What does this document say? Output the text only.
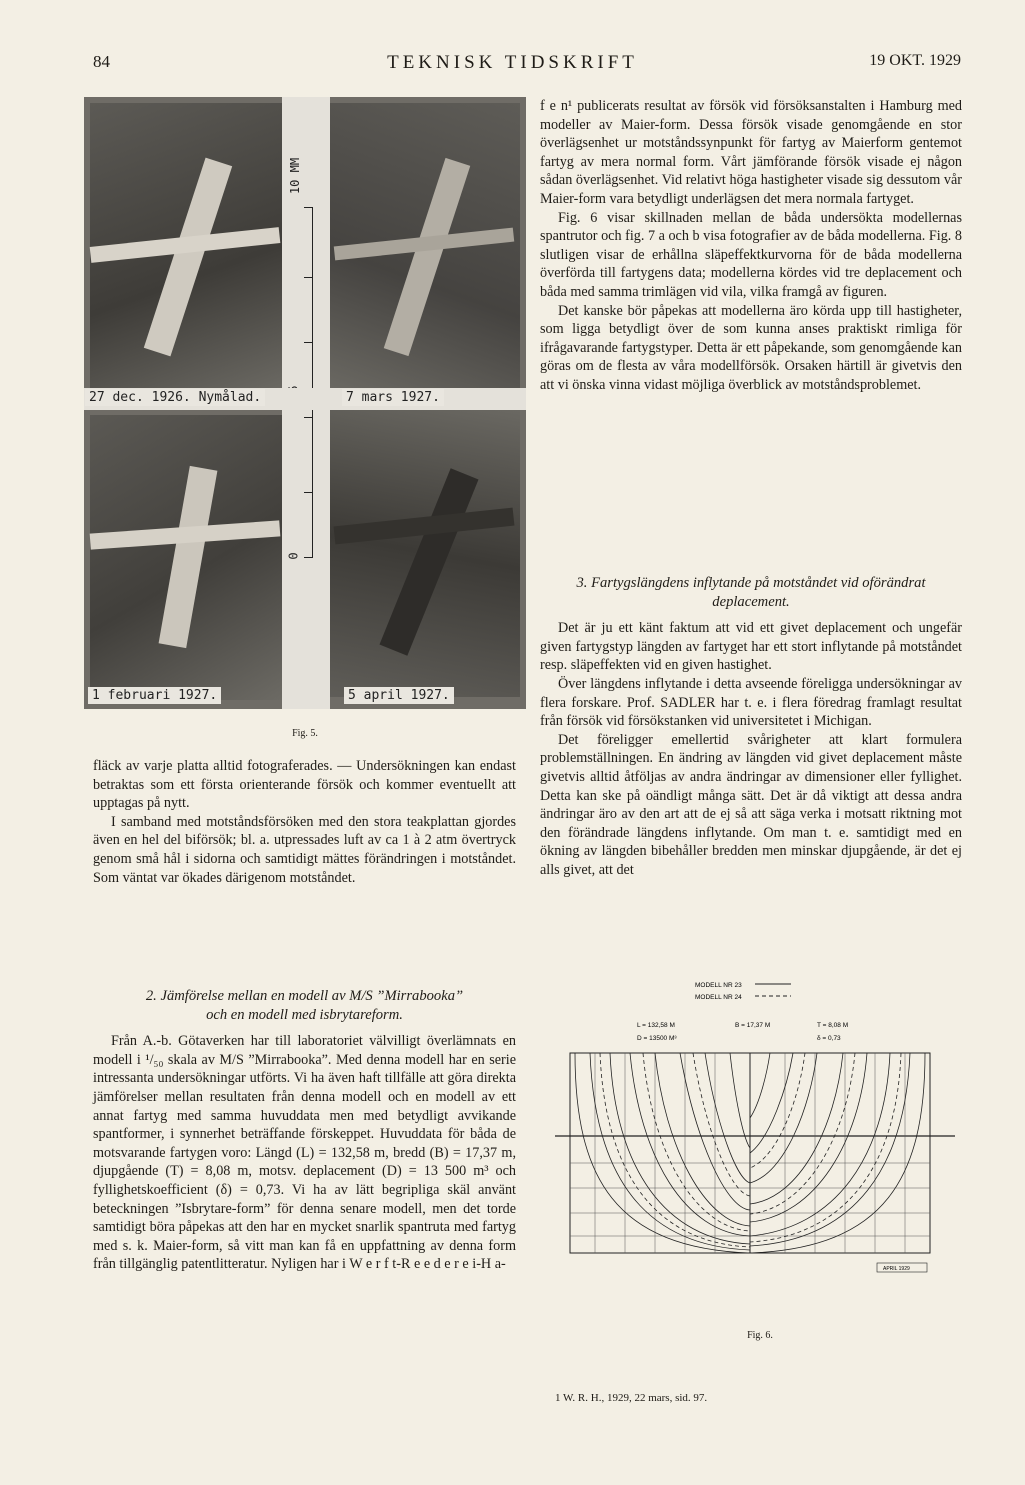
84	TEKNISK TIDSKRIFT	19 OKT. 1929
10 MM
0
27 dec. 1926. Nymålad.	7 mars 1927.
1 februari 1927.	5 april 1927.
Fig. 5.

f e n¹ publicerats resultat av försök vid försöksanstalten i Hamburg med modeller av Maier-form. Dessa försök visade genomgående en stor överlägsenhet ur motståndssynpunkt för fartyg av Maierform gentemot fartyg av mera normal form. Vårt jämförande försök visade ej någon sådan överlägsenhet. Vid relativt höga hastigheter visade sig dessutom vår Maier-form vara betydligt underlägsen det mera normala fartyget.

Fig. 6 visar skillnaden mellan de båda undersökta modellernas spantrutor och fig. 7 a och b visa fotografier av de båda modellerna. Fig. 8 slutligen visar de erhållna släpeffektkurvorna för de båda modellerna överförda till fartygens data; modellerna kördes vid tre deplacement och båda med samma trimlägen vid vila, vilka framgå av figuren.

Det kanske bör påpekas att modellerna äro körda upp till hastigheter, som ligga betydligt över de som kunna anses praktiskt rimliga för ifrågavarande fartygstyper. Detta är ett påpekande, som genomgående kan göras om de flesta av våra modellförsök. Orsaken härtill är givetvis den att vi önska vinna vidast möjliga överblick av motståndsproblemet.

3. Fartygslängdens inflytande på motståndet vid oförändrat deplacement.

Det är ju ett känt faktum att vid ett givet deplacement och ungefär given fartygstyp längden av fartyget har ett stort inflytande på motståndet resp. släpeffekten vid en given hastighet.

Över längdens inflytande i detta avseende föreligga undersökningar av flera forskare. Prof. SADLER har t. e. i flera föredrag framlagt resultat från försök vid försökstanken vid universitetet i Michigan.

Det föreligger emellertid svårigheter att klart formulera problemställningen. En ändring av längden vid givet deplacement måste givetvis alltid åtföljas av andra ändringar av dimensioner eller fyllighet. Detta kan ske på oändligt många sätt. Det är då viktigt att dessa andra ändringar äro av den art att de ej så att säga verka i motsatt riktning mot den förändrade längdens inflytande. Om man t. e. samtidigt med en ökning av längden bibehåller bredden men minskar djupgående, är det ej alls givet, att det

fläck av varje platta alltid fotograferades. — Undersökningen kan endast betraktas som ett första orienterande försök och kommer eventuellt att upptagas på nytt.

I samband med motståndsförsöken med den stora teakplattan gjordes även en hel del biförsök; bl. a. utpressades luft av ca 1 à 2 atm övertryck genom små hål i sidorna och samtidigt mättes förändringen i motståndet. Som väntat var ökades därigenom motståndet.

2. Jämförelse mellan en modell av M/S ”Mirrabooka”
och en modell med isbrytareform.

Från A.-b. Götaverken har till laboratoriet välvilligt överlämnats en modell i ¹/₅₀ skala av M/S ”Mirrabooka”. Med denna modell har en serie intressanta undersökningar utförts. Vi ha även haft tillfälle att göra direkta jämförelser mellan resultaten från denna modell och en modell av ett annat fartyg med samma huvuddata men med betydligt avvikande spantformer, i synnerhet beträffande förskeppet. Huvuddata för båda de motsvarande fartygen voro: Längd (L) = 132,58 m, bredd (B) = 17,37 m, djupgående (T) = 8,08 m, motsv. deplacement (D) = 13 500 m³ och fyllighetskoefficient (δ) = 0,73. Vi ha av lätt begripliga skäl använt beteckningen ”Isbrytare-form” för denna senare modell, men det torde samtidigt böra påpekas att den har en mycket snarlik spantruta med fartyg med s. k. Maier-form, så vitt man kan få en uppfattning av denna form från tillgänglig patentlitteratur. Nyligen har i W e r f t-R e e d e r e i-H a-

MODELL NR 23
MODELL NR 24
L = 132,58 M	B = 17,37 M	T = 8,08 M
D = 13500 M³	δ = 0,73
APRIL 1929
Fig. 6.
1 W. R. H., 1929, 22 mars, sid. 97.
